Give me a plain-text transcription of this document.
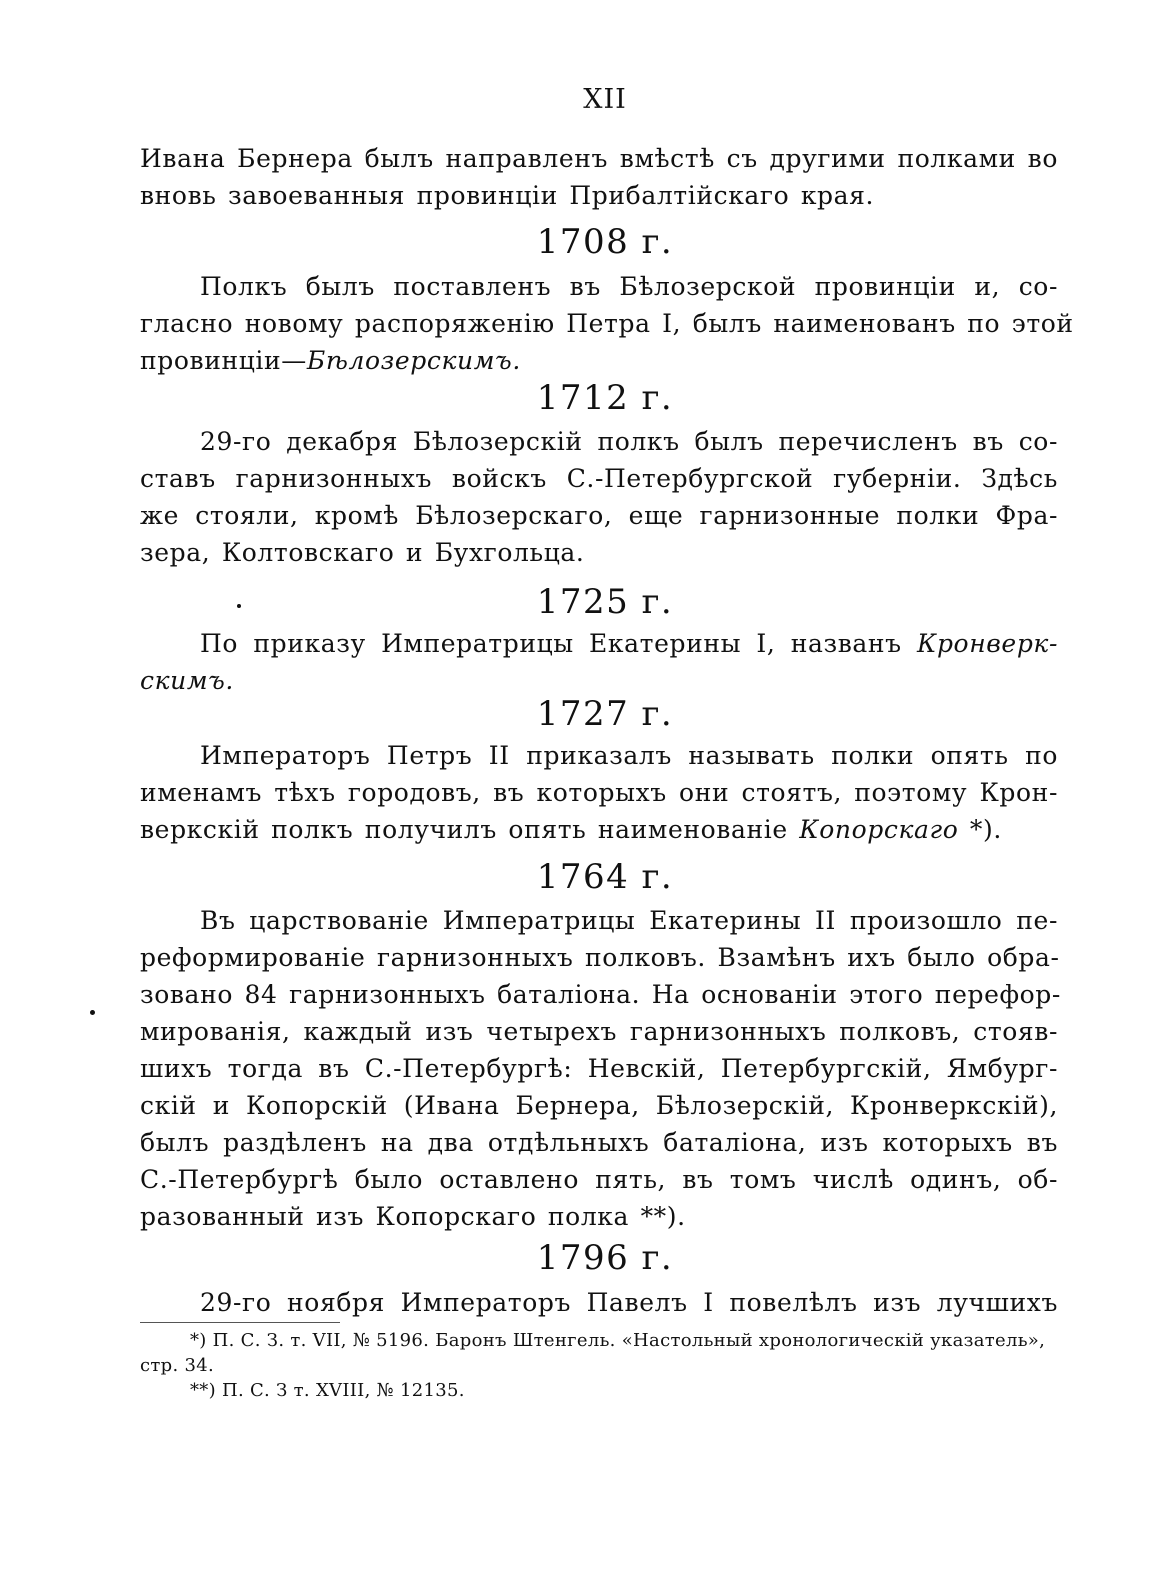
XII
Ивана Бернера былъ направленъ вмѣстѣ съ другими полками во
вновь завоеванныя провинціи Прибалтійскаго края.
1708 г.
Полкъ былъ поставленъ въ Бѣлозерской провинціи и, со-
гласно новому распоряженію Петра I, былъ наименованъ по этой
провинціи—Бѣлозерскимъ.
1712 г.
29-го декабря Бѣлозерскій полкъ былъ перечисленъ въ со-
ставъ гарнизонныхъ войскъ С.-Петербургской губерніи. Здѣсь
же стояли, кромѣ Бѣлозерскаго, еще гарнизонные полки Фра-
зера, Колтовскаго и Бухгольца.
1725 г.
По приказу Императрицы Екатерины I, названъ Кронверк-
скимъ.
1727 г.
Императоръ Петръ II приказалъ называть полки опять по
именамъ тѣхъ городовъ, въ которыхъ они стоятъ, поэтому Крон-
веркскій полкъ получилъ опять наименованіе Копорскаго *).
1764 г.
Въ царствованіе Императрицы Екатерины II произошло пе-
реформированіе гарнизонныхъ полковъ. Взамѣнъ ихъ было обра-
зовано 84 гарнизонныхъ баталіона. На основаніи этого перефор-
мированія, каждый изъ четырехъ гарнизонныхъ полковъ, стояв-
шихъ тогда въ С.-Петербургѣ: Невскій, Петербургскій, Ямбург-
скій и Копорскій (Ивана Бернера, Бѣлозерскій, Кронверкскій),
былъ раздѣленъ на два отдѣльныхъ баталіона, изъ которыхъ въ
С.-Петербургѣ было оставлено пять, въ томъ числѣ одинъ, об-
разованный изъ Копорскаго полка **).
1796 г.
29-го ноября Императоръ Павелъ I повелѣлъ изъ лучшихъ
*) П. С. З. т. VII, № 5196. Баронъ Штенгель. «Настольный хронологическій указатель»,
стр. 34.
**) П. С. З т. XVIII, № 12135.
